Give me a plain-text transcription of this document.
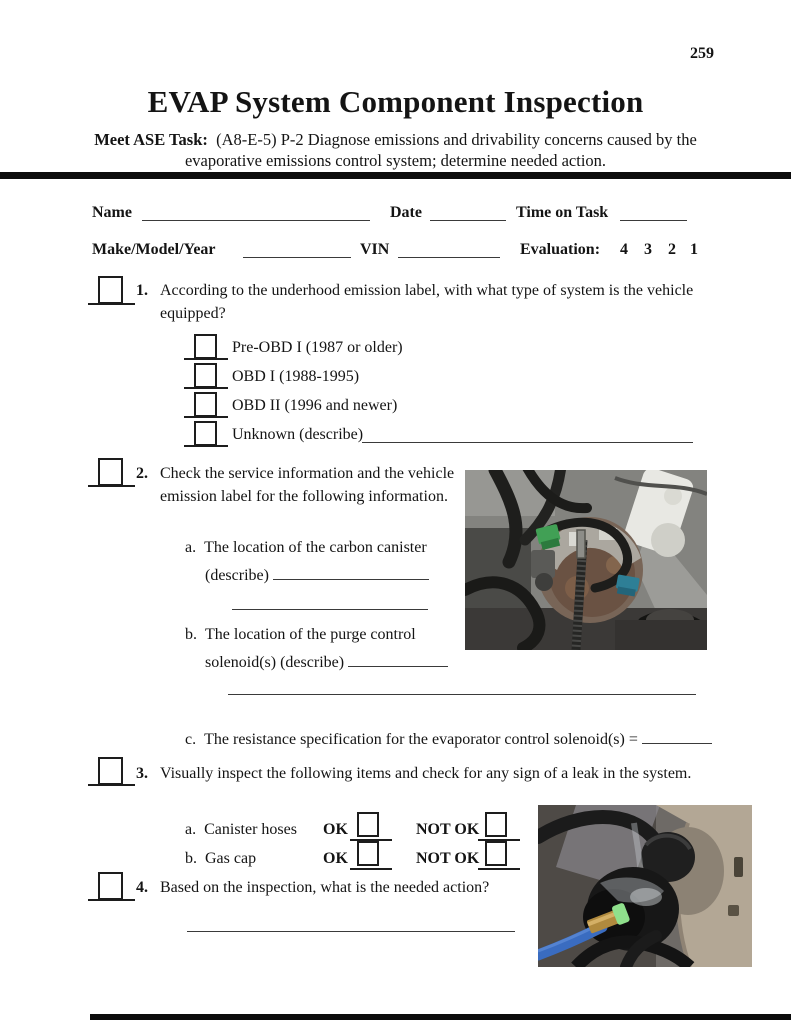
259
EVAP System Component Inspection
Meet ASE Task: (A8-E-5) P-2 Diagnose emissions and drivability concerns caused by the
evaporative emissions control system; determine needed action.
Name	Date	Time on Task
Make/Model/Year	VIN	Evaluation: 4 3 2 1
1. According to the underhood emission label, with what type of system is the vehicle
equipped?
Pre-OBD I (1987 or older)
OBD I (1988-1995)
OBD II (1996 and newer)
Unknown (describe)
2. Check the service information and the vehicle
emission label for the following information.
a. The location of the carbon canister
(describe)
b. The location of the purge control
solenoid(s) (describe)
c. The resistance specification for the evaporator control solenoid(s) =
3. Visually inspect the following items and check for any sign of a leak in the system.
a. Canister hoses OK	NOT OK
b. Gas cap	OK	NOT OK
4. Based on the inspection, what is the needed action?
